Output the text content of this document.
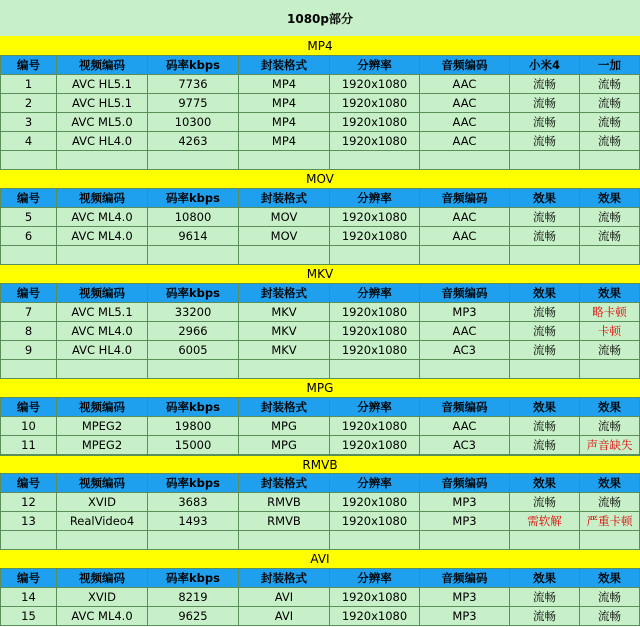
1080p部分
MP4
编号	视频编码	码率kbps	封装格式	分辨率	音频编码	小米4	一加
1	AVC HL5.1	7736	MP4	1920x1080	AAC	流畅	流畅
2	AVC HL5.1	9775	MP4	1920x1080	AAC	流畅	流畅
3	AVC ML5.0	10300	MP4	1920x1080	AAC	流畅	流畅
4	AVC HL4.0	4263	MP4	1920x1080	AAC	流畅	流畅
MOV
编号	视频编码	码率kbps	封装格式	分辨率	音频编码	效果	效果
5	AVC ML4.0	10800	MOV	1920x1080	AAC	流畅	流畅
6	AVC ML4.0	9614	MOV	1920x1080	AAC	流畅	流畅
MKV
编号	视频编码	码率kbps	封装格式	分辨率	音频编码	效果	效果
7	AVC ML5.1	33200	MKV	1920x1080	MP3	流畅	略卡顿
8	AVC ML4.0	2966	MKV	1920x1080	AAC	流畅	卡顿
9	AVC HL4.0	6005	MKV	1920x1080	AC3	流畅	流畅
MPG
编号	视频编码	码率kbps	封装格式	分辨率	音频编码	效果	效果
10	MPEG2	19800	MPG	1920x1080	AAC	流畅	流畅
11	MPEG2	15000	MPG	1920x1080	AC3	流畅	声音缺失
RMVB
编号	视频编码	码率kbps	封装格式	分辨率	音频编码	效果	效果
12	XVID	3683	RMVB	1920x1080	MP3	流畅	流畅
13	RealVideo4	1493	RMVB	1920x1080	MP3	需软解	严重卡顿
AVI
编号	视频编码	码率kbps	封装格式	分辨率	音频编码	效果	效果
14	XVID	8219	AVI	1920x1080	MP3	流畅	流畅
15	AVC ML4.0	9625	AVI	1920x1080	MP3	流畅	流畅
